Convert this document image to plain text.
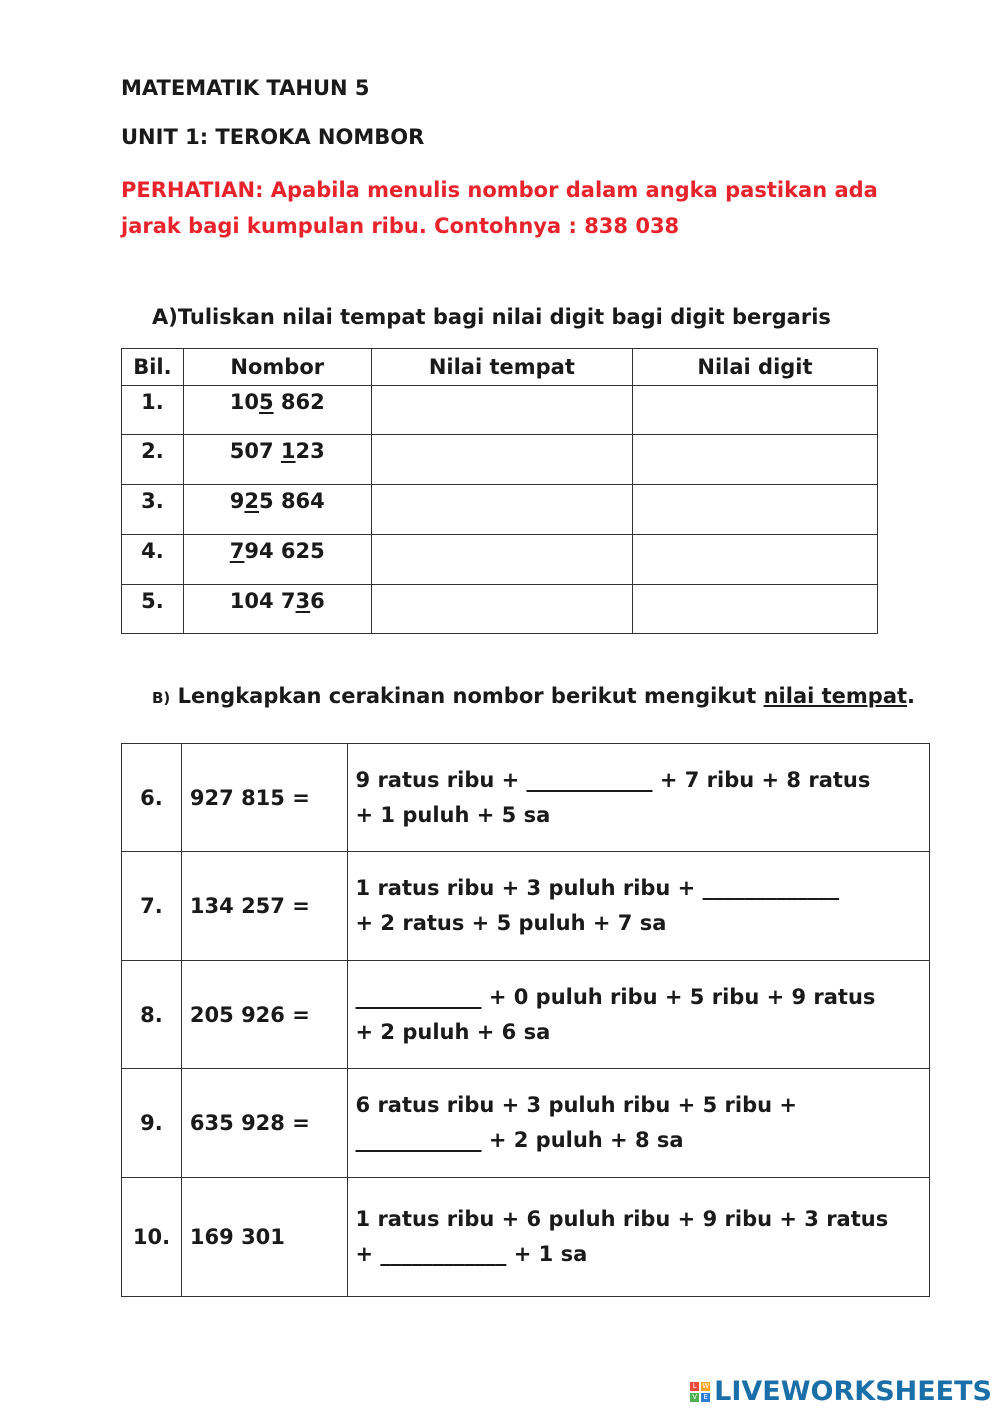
MATEMATIK TAHUN 5
UNIT 1: TEROKA NOMBOR
PERHATIAN: Apabila menulis nombor dalam angka pastikan ada jarak bagi kumpulan ribu. Contohnya : 838 038
A)Tuliskan nilai tempat bagi nilai digit bagi digit bergaris
Bil.	Nombor	Nilai tempat	Nilai digit
1.	105 862		
2.	507 123		
3.	925 864		
4.	794 625		
5.	104 736		
B) Lengkapkan cerakinan nombor berikut mengikut nilai tempat.
6.	927 815 =	9 ratus ribu + ____________ + 7 ribu + 8 ratus
+ 1 puluh + 5 sa

7.	134 257 =	1 ratus ribu + 3 puluh ribu + _____________
+ 2 ratus + 5 puluh + 7 sa

8.	205 926 =	____________ + 0 puluh ribu + 5 ribu + 9 ratus
+ 2 puluh + 6 sa

9.	635 928 =	6 ratus ribu + 3 puluh ribu + 5 ribu +
____________ + 2 puluh + 8 sa

10.	169 301	1 ratus ribu + 6 puluh ribu + 9 ribu + 3 ratus
+ ____________ + 1 sa
L W
V E LIVEWORKSHEETS
